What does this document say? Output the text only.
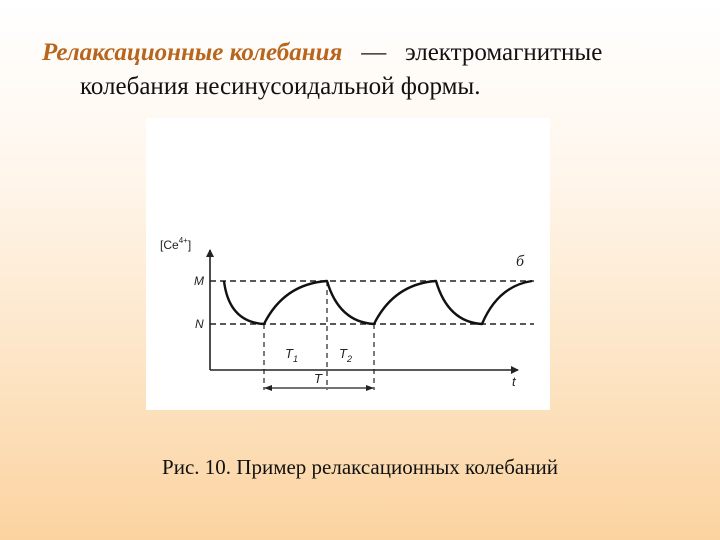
Релаксационные колебания — электромагнитные
колебания несинусоидальной формы.
$[Ce^{4+}]$
M
N
б
t
$T_1$	$T_2$
T
Рис. 10. Пример релаксационных колебаний
